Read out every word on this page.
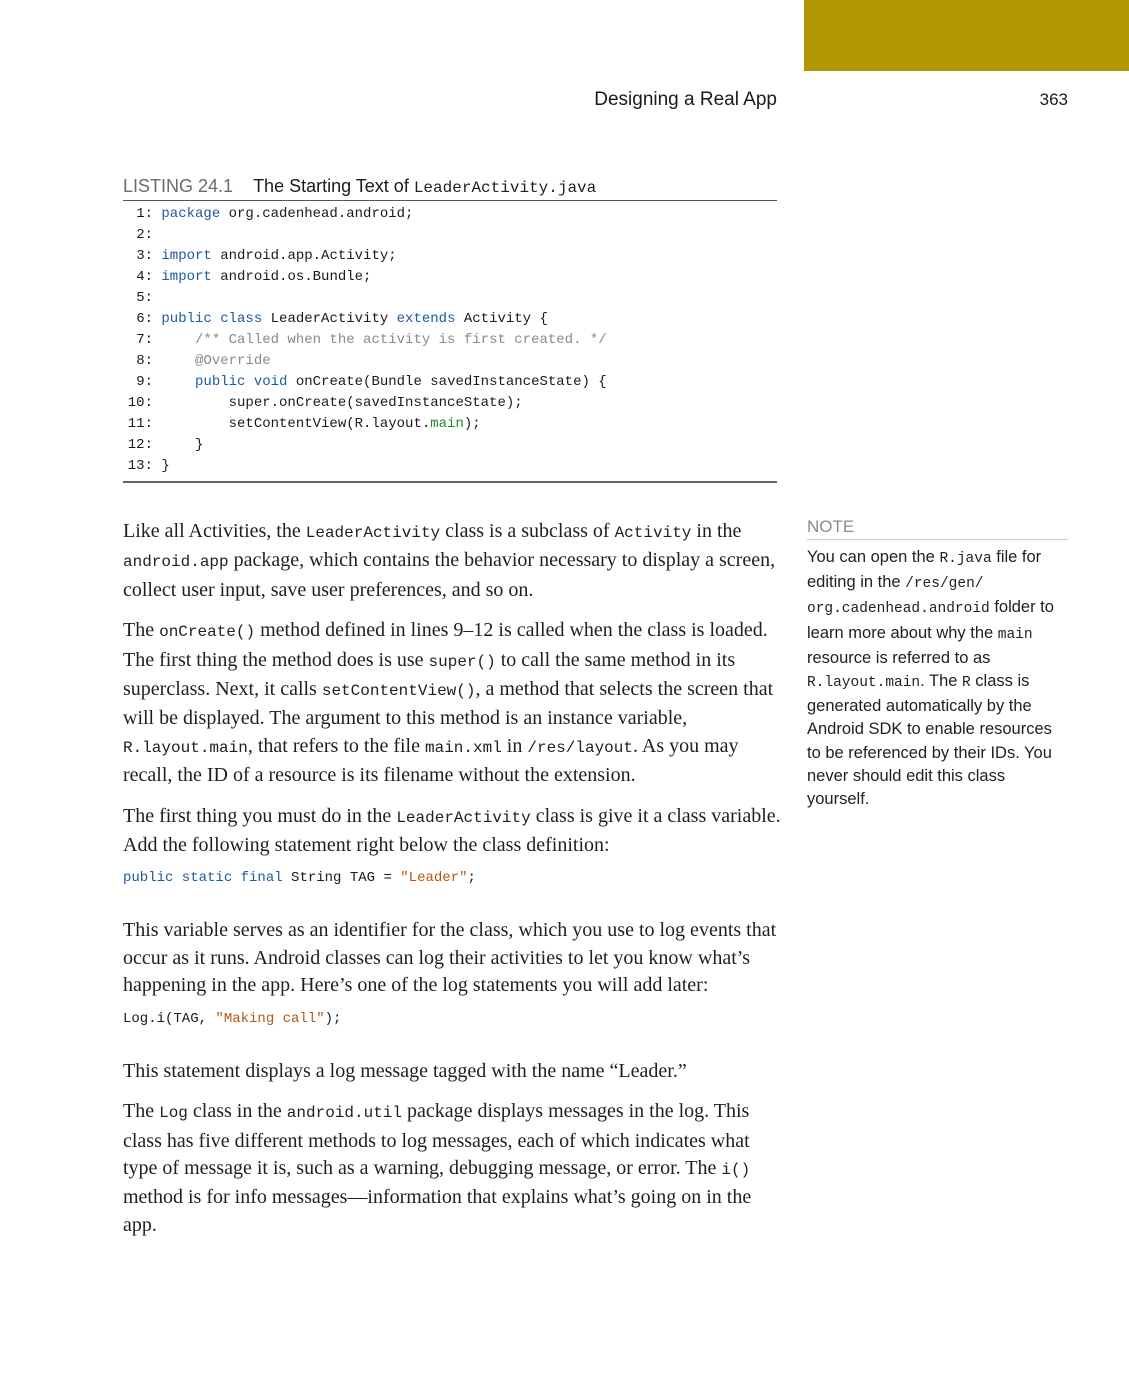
Designing a Real App	363
LISTING 24.1 The Starting Text of LeaderActivity.java
1: package org.cadenhead.android;
2:
3: import android.app.Activity;
4: import android.os.Bundle;
5:
6: public class LeaderActivity extends Activity {
7:	/** Called when the activity is first created. */
8:	@Override
9:	public void onCreate(Bundle savedInstanceState) {
10:         super.onCreate(savedInstanceState);
11:         setContentView(R.layout.main);
12:     }
13: }

Like all Activities, the LeaderActivity class is a subclass of Activity in the android.app package, which contains the behavior necessary to display a screen, collect user input, save user preferences, and so on.

The onCreate() method defined in lines 9–12 is called when the class is loaded. The first thing the method does is use super() to call the same method in its superclass. Next, it calls setContentView(), a method that selects the screen that will be displayed. The argument to this method is an instance variable, R.layout.main, that refers to the file main.xml in /res/layout. As you may recall, the ID of a resource is its filename without the extension.

The first thing you must do in the LeaderActivity class is give it a class variable. Add the following statement right below the class definition:

public static final String TAG = "Leader";

This variable serves as an identifier for the class, which you use to log events that occur as it runs. Android classes can log their activities to let you know what’s happening in the app. Here’s one of the log statements you will add later:

Log.i(TAG, "Making call");

This statement displays a log message tagged with the name “Leader.”

The Log class in the android.util package displays messages in the log. This class has five different methods to log messages, each of which indicates what type of message it is, such as a warning, debugging message, or error. The i() method is for info messages—information that explains what’s going on in the app.

NOTE
You can open the R.java file for editing in the /res/gen/​org.cadenhead.android folder to learn more about why the main resource is referred to as R.layout.main. The R class is generated automatically by the Android SDK to enable resources to be referenced by their IDs. You never should edit this class yourself.
